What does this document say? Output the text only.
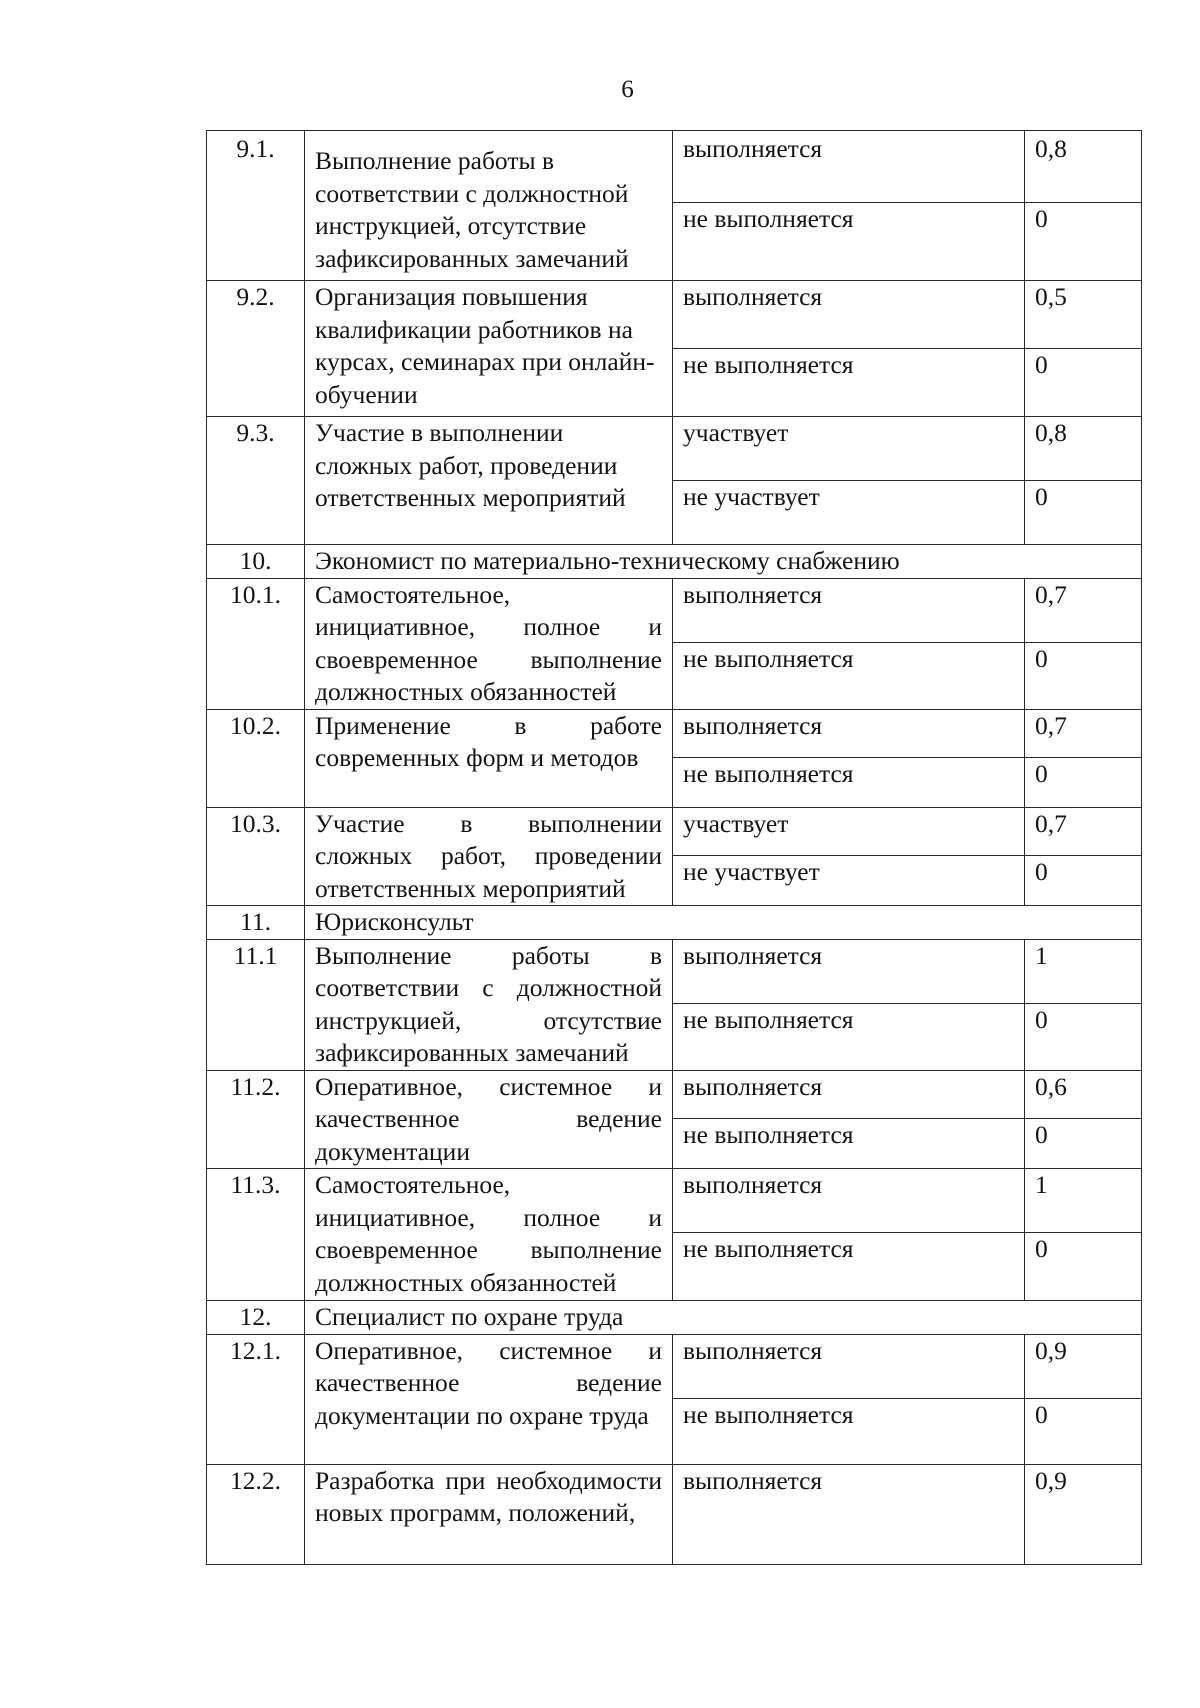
6
9.1.	Выполнение работы в соответствии с должностной инструкцией, отсутствие зафиксированных замечаний	выполняется	0,8
		не выполняется	0
9.2.	Организация повышения квалификации работников на курсах, семинарах при онлайн-обучении	выполняется	0,5
		не выполняется	0
9.3.	Участие в выполнении сложных работ, проведении ответственных мероприятий	участвует	0,8
		не участвует	0
10.	Экономист по материально-техническому снабжению		
10.1.	Самостоятельное, инициативное, полное и своевременное выполнение должностных обязанностей	выполняется	0,7
		не выполняется	0
10.2.	Применение в работе современных форм и методов	выполняется	0,7
		не выполняется	0
10.3.	Участие в выполнении сложных работ, проведении ответственных мероприятий	участвует	0,7
		не участвует	0
11.	Юрисконсульт		
11.1	Выполнение работы в соответствии с должностной инструкцией, отсутствие зафиксированных замечаний	выполняется	1
		не выполняется	0
11.2.	Оперативное, системное и качественное ведение документации	выполняется	0,6
		не выполняется	0
11.3.	Самостоятельное, инициативное, полное и своевременное выполнение должностных обязанностей	выполняется	1
		не выполняется	0
12.	Специалист по охране труда		
12.1.	Оперативное, системное и качественное ведение документации по охране труда	выполняется	0,9
		не выполняется	0
12.2.	Разработка при необходимости новых программ, положений,	выполняется	0,9
